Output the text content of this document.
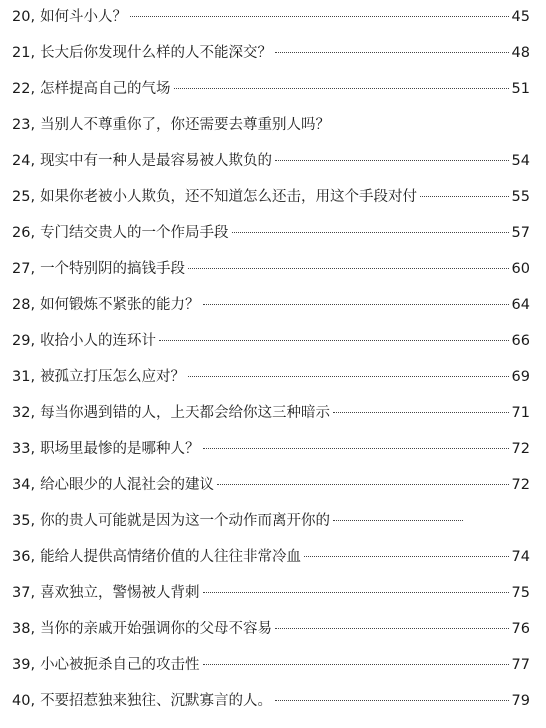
20, 如何斗小人？	45
21, 长大后你发现什么样的人不能深交？	48
22, 怎样提高自己的气场	51
23, 当别人不尊重你了，你还需要去尊重别人吗？
24, 现实中有一种人是最容易被人欺负的	54
25, 如果你老被小人欺负，还不知道怎么还击，用这个手段对付	55
26, 专门结交贵人的一个作局手段	57
27, 一个特别阴的搞钱手段	60
28, 如何锻炼不紧张的能力？	64
29, 收拾小人的连环计	66
31, 被孤立打压怎么应对？	69
32, 每当你遇到错的人，上天都会给你这三种暗示	71
33, 职场里最惨的是哪种人？	72
34, 给心眼少的人混社会的建议	72
35, 你的贵人可能就是因为这一个动作而离开你的
36, 能给人提供高情绪价值的人往往非常冷血	74
37, 喜欢独立，警惕被人背刺	75
38, 当你的亲戚开始强调你的父母不容易	76
39, 小心被扼杀自己的攻击性	77
40, 不要招惹独来独往、沉默寡言的人。	79
